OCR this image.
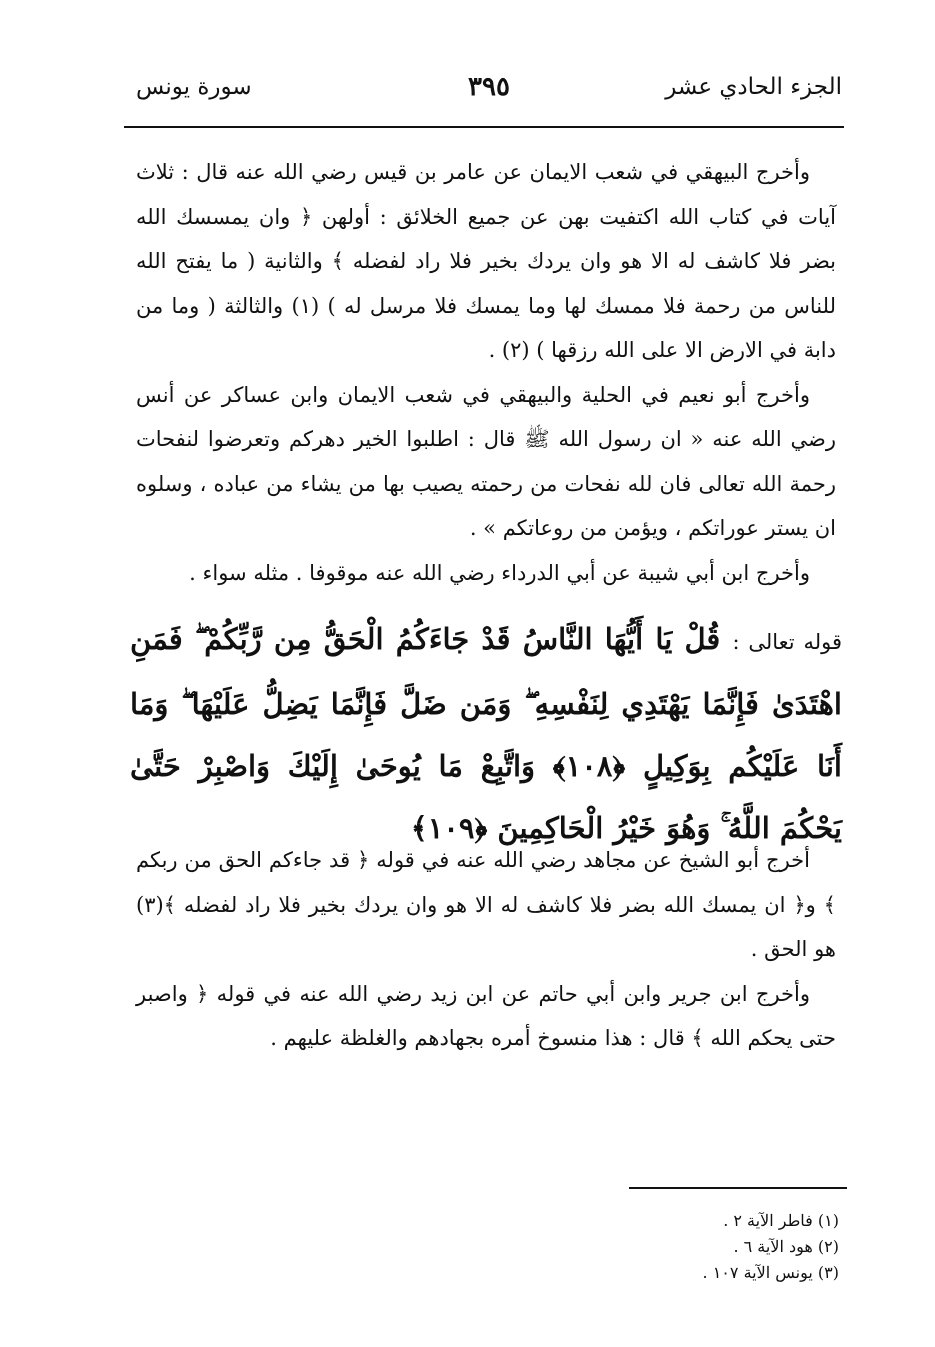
الجزء الحادي عشر
٣٩٥
سورة يونس

وأخرج البيهقي في شعب الايمان عن عامر بن قيس رضي الله عنه قال : ثلاث آيات في كتاب الله اكتفيت بهن عن جميع الخلائق : أولهن ﴿ وان يمسسك الله بضر فلا كاشف له الا هو وان يردك بخير فلا راد لفضله ﴾ والثانية ( ما يفتح الله للناس من رحمة فلا ممسك لها وما يمسك فلا مرسل له ) (١) والثالثة ( وما من دابة في الارض الا على الله رزقها ) (٢) .

وأخرج أبو نعيم في الحلية والبيهقي في شعب الايمان وابن عساكر عن أنس رضي الله عنه « ان رسول الله ﷺ قال : اطلبوا الخير دهركم وتعرضوا لنفحات رحمة الله تعالى فان لله نفحات من رحمته يصيب بها من يشاء من عباده ، وسلوه ان يستر عوراتكم ، ويؤمن من روعاتكم » .

وأخرج ابن أبي شيبة عن أبي الدرداء رضي الله عنه موقوفا . مثله سواء .

قوله تعالى : قُلْ يَا أَيُّهَا النَّاسُ قَدْ جَاءَكُمُ الْحَقُّ مِن رَّبِّكُمْ ۖ فَمَنِ اهْتَدَىٰ فَإِنَّمَا يَهْتَدِي لِنَفْسِهِ ۖ وَمَن ضَلَّ فَإِنَّمَا يَضِلُّ عَلَيْهَا ۖ وَمَا أَنَا عَلَيْكُم بِوَكِيلٍ ﴿١٠٨﴾ وَاتَّبِعْ مَا يُوحَىٰ إِلَيْكَ وَاصْبِرْ حَتَّىٰ يَحْكُمَ اللَّهُ ۚ وَهُوَ خَيْرُ الْحَاكِمِينَ ﴿١٠٩﴾

أخرج أبو الشيخ عن مجاهد رضي الله عنه في قوله ﴿ قد جاءكم الحق من ربكم ﴾ و﴿ ان يمسك الله بضر فلا كاشف له الا هو وان يردك بخير فلا راد لفضله ﴾(٣) هو الحق .

وأخرج ابن جرير وابن أبي حاتم عن ابن زيد رضي الله عنه في قوله ﴿ واصبر حتى يحكم الله ﴾ قال : هذا منسوخ أمره بجهادهم والغلظة عليهم .

(١) فاطر الآية ٢ .

(٢) هود الآية ٦ .

(٣) يونس الآية ١٠٧ .
